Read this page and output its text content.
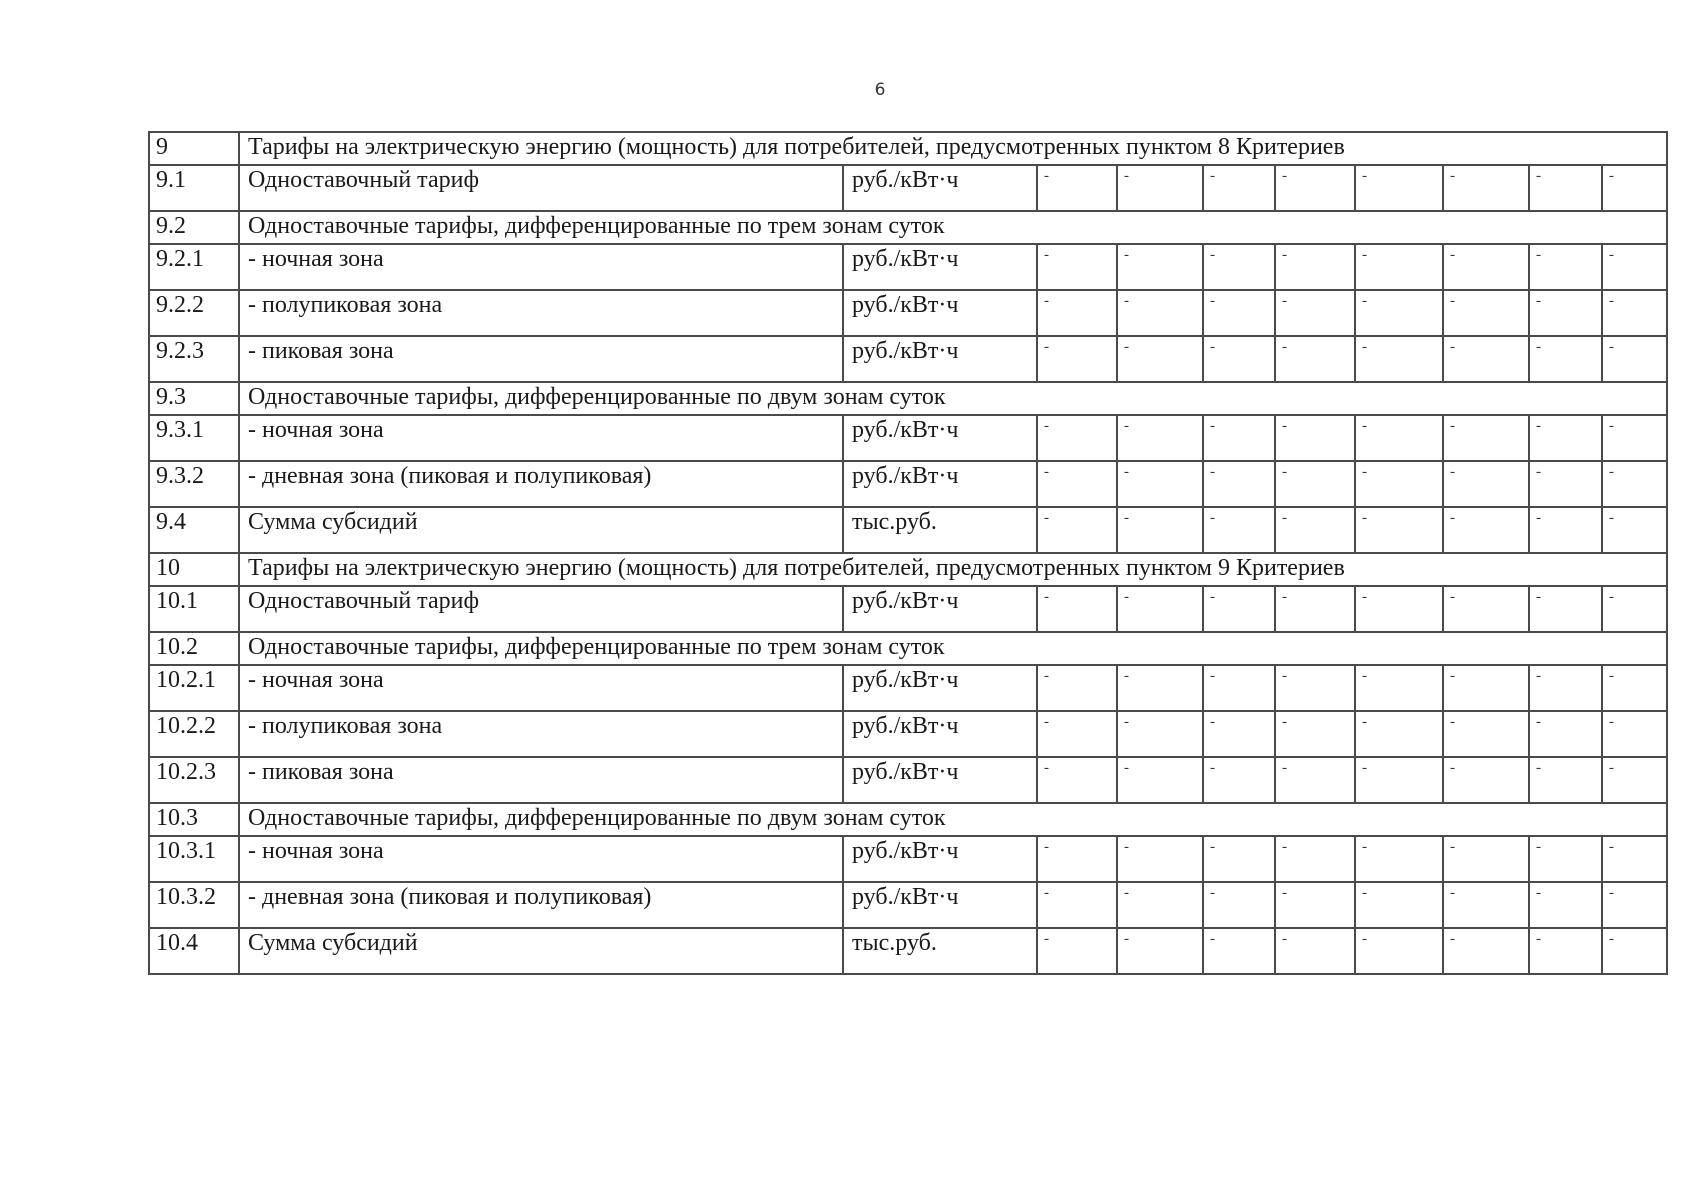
6
9	Тарифы на электрическую энергию (мощность) для потребителей, предусмотренных пунктом 8 Критериев									
9.1	Одноставочный тариф	руб./кВт·ч	-	-	-	-	-	-	-	-
9.2	Одноставочные тарифы, дифференцированные по трем зонам суток									
9.2.1	- ночная зона	руб./кВт·ч	-	-	-	-	-	-	-	-
9.2.2	- полупиковая зона	руб./кВт·ч	-	-	-	-	-	-	-	-
9.2.3	- пиковая зона	руб./кВт·ч	-	-	-	-	-	-	-	-
9.3	Одноставочные тарифы, дифференцированные по двум зонам суток									
9.3.1	- ночная зона	руб./кВт·ч	-	-	-	-	-	-	-	-
9.3.2	- дневная зона (пиковая и полупиковая)	руб./кВт·ч	-	-	-	-	-	-	-	-
9.4	Сумма субсидий	тыс.руб.	-	-	-	-	-	-	-	-
10	Тарифы на электрическую энергию (мощность) для потребителей, предусмотренных пунктом 9 Критериев									
10.1	Одноставочный тариф	руб./кВт·ч	-	-	-	-	-	-	-	-
10.2	Одноставочные тарифы, дифференцированные по трем зонам суток									
10.2.1	- ночная зона	руб./кВт·ч	-	-	-	-	-	-	-	-
10.2.2	- полупиковая зона	руб./кВт·ч	-	-	-	-	-	-	-	-
10.2.3	- пиковая зона	руб./кВт·ч	-	-	-	-	-	-	-	-
10.3	Одноставочные тарифы, дифференцированные по двум зонам суток									
10.3.1	- ночная зона	руб./кВт·ч	-	-	-	-	-	-	-	-
10.3.2	- дневная зона (пиковая и полупиковая)	руб./кВт·ч	-	-	-	-	-	-	-	-
10.4	Сумма субсидий	тыс.руб.	-	-	-	-	-	-	-	-
